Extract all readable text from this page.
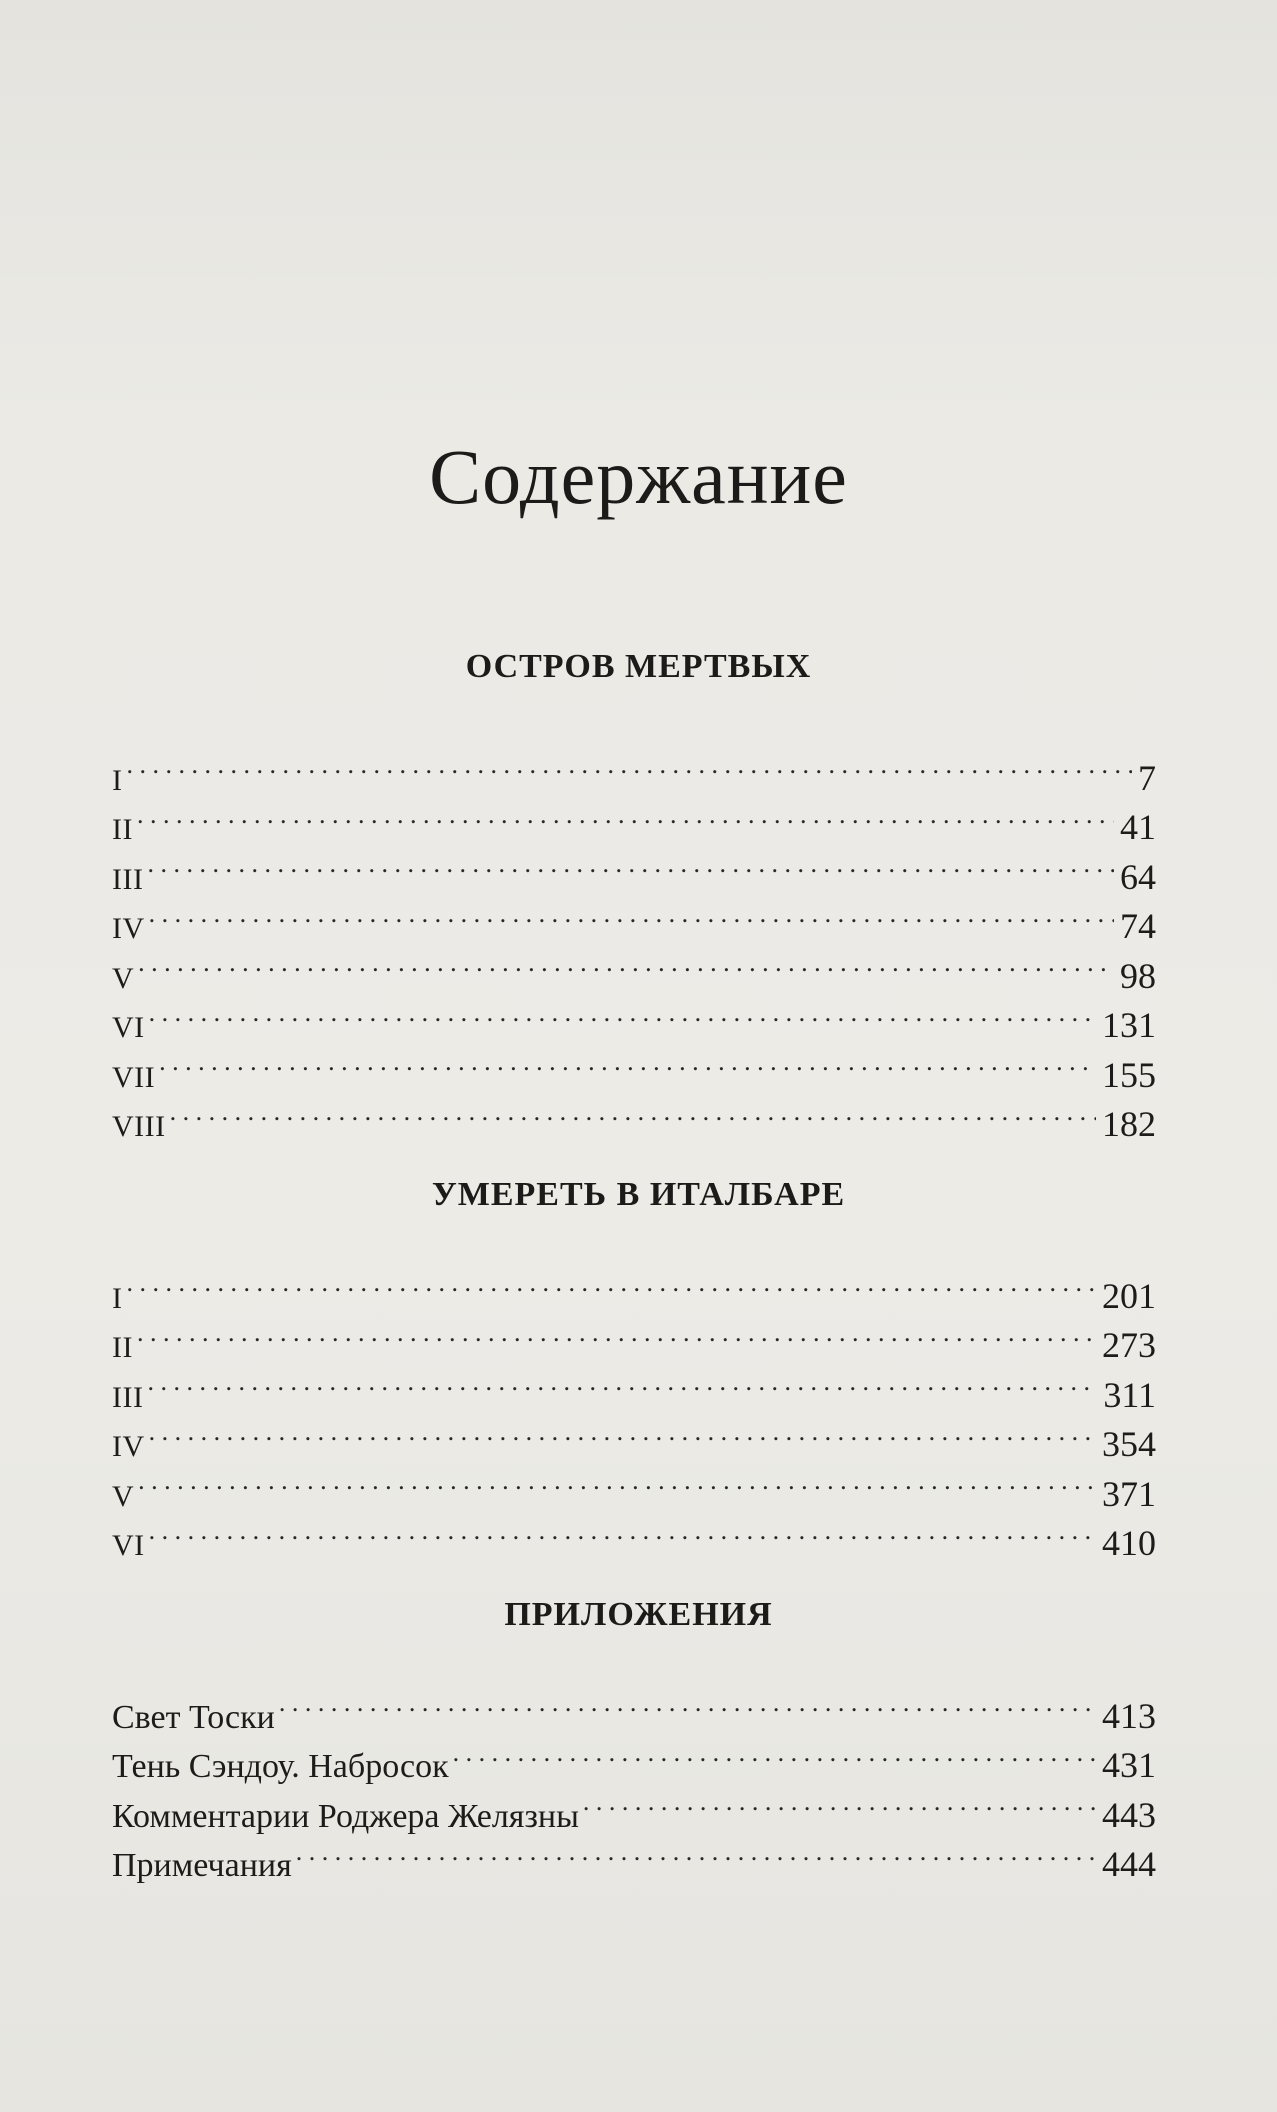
Содержание
ОСТРОВ МЕРТВЫХ
I . . .	7
II . . .	41
III . . .	64
IV . . .	74
V . . .	98
VI . . .	131
VII . . .	155
VIII . . .	182
УМЕРЕТЬ В ИТАЛБАРЕ
I . . .	201
II . . .	273
III . . .	311
IV . . .	354
V . . .	371
VI . . .	410
ПРИЛОЖЕНИЯ
Свет Тоски . . .	413
Тень Сэндоу. Набросок . . .	431
Комментарии Роджера Желязны . . .	443
Примечания . . .	444
